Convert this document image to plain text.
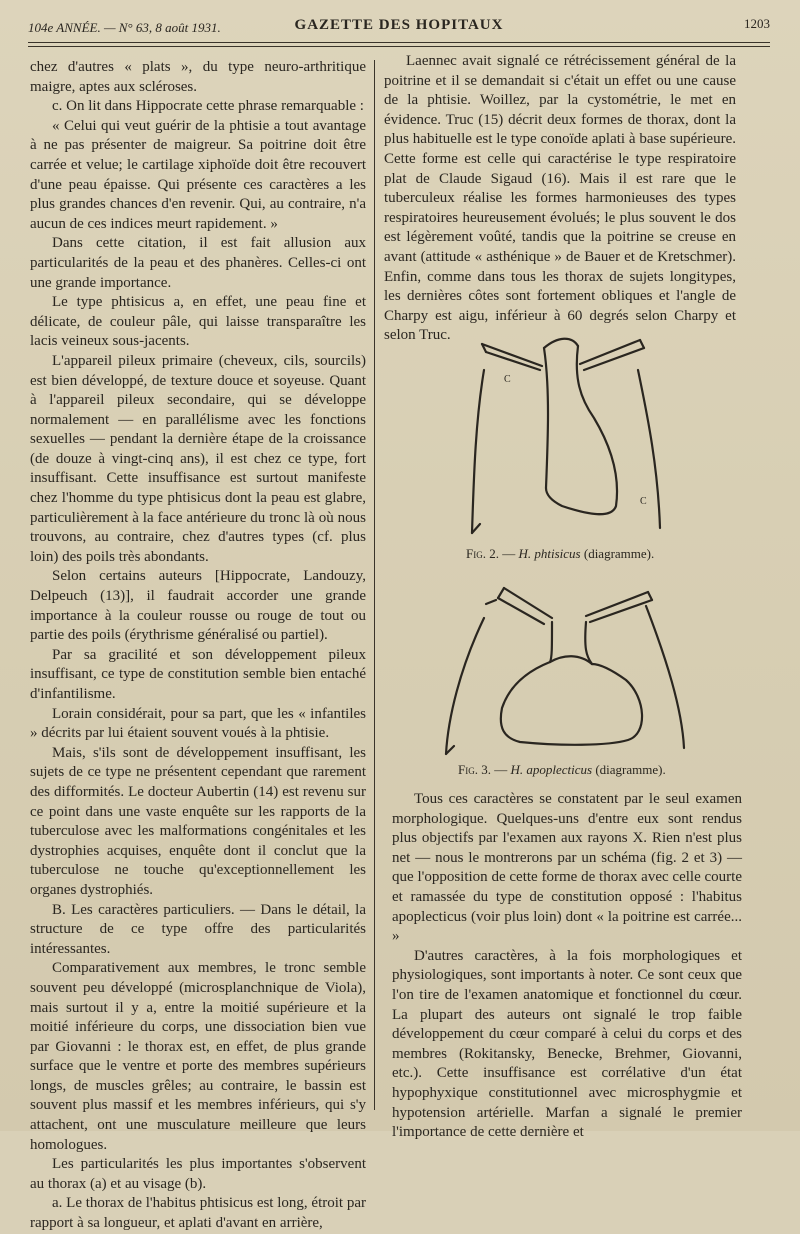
104e ANNÉE. — N° 63, 8 août 1931.	GAZETTE DES HOPITAUX	1203

chez d'autres « plats », du type neuro-arthritique maigre, aptes aux scléroses.

c. On lit dans Hippocrate cette phrase remarquable :

« Celui qui veut guérir de la phtisie a tout avantage à ne pas présenter de maigreur. Sa poitrine doit être carrée et velue; le cartilage xiphoïde doit être recouvert d'une peau épaisse. Qui présente ces caractères a les plus grandes chances d'en revenir. Qui, au contraire, n'a aucun de ces indices meurt rapidement. »

Dans cette citation, il est fait allusion aux particularités de la peau et des phanères. Celles-ci ont une grande importance.

Le type phtisicus a, en effet, une peau fine et délicate, de couleur pâle, qui laisse transparaître les lacis veineux sous-jacents.

L'appareil pileux primaire (cheveux, cils, sourcils) est bien développé, de texture douce et soyeuse. Quant à l'appareil pileux secondaire, qui se développe normalement — en parallélisme avec les fonctions sexuelles — pendant la dernière étape de la croissance (de douze à vingt-cinq ans), il est chez ce type, fort insuffisant. Cette insuffisance est surtout manifeste chez l'homme du type phtisicus dont la peau est glabre, particulièrement à la face antérieure du tronc là où nous trouvons, au contraire, chez d'autres types (cf. plus loin) des poils très abondants.

Selon certains auteurs [Hippocrate, Landouzy, Delpeuch (13)], il faudrait accorder une grande importance à la couleur rousse ou rouge de tout ou partie des poils (érythrisme généralisé ou partiel).

Par sa gracilité et son développement pileux insuffisant, ce type de constitution semble bien entaché d'infantilisme.

Lorain considérait, pour sa part, que les « infantiles » décrits par lui étaient souvent voués à la phtisie.

Mais, s'ils sont de développement insuffisant, les sujets de ce type ne présentent cependant que rarement des difformités. Le docteur Aubertin (14) est revenu sur ce point dans une vaste enquête sur les rapports de la tuberculose avec les malformations congénitales et les dystrophies acquises, enquête dont il conclut que la tuberculose ne touche qu'exceptionnellement les organes dystrophiés.

B. Les caractères particuliers. — Dans le détail, la structure de ce type offre des particularités intéressantes.

Comparativement aux membres, le tronc semble souvent peu développé (microsplanchnique de Viola), mais surtout il y a, entre la moitié supérieure et la moitié inférieure du corps, une dissociation bien vue par Giovanni : le thorax est, en effet, de plus grande surface que le ventre et porte des membres supérieurs longs, de muscles grêles; au contraire, le bassin est souvent plus massif et les membres inférieurs, qui s'y attachent, ont une musculature meilleure que leurs homologues.

Les particularités les plus importantes s'observent au thorax (a) et au visage (b).

a. Le thorax de l'habitus phtisicus est long, étroit par rapport à sa longueur, et aplati d'avant en arrière,

Laennec avait signalé ce rétrécissement général de la poitrine et il se demandait si c'était un effet ou une cause de la phtisie. Woillez, par la cystométrie, le met en évidence. Truc (15) décrit deux formes de thorax, dont la plus habituelle est le type conoïde aplati à base supérieure. Cette forme est celle qui caractérise le type respiratoire plat de Claude Sigaud (16). Mais il est rare que le tuberculeux réalise les formes harmonieuses des types respiratoires heureusement évolués; le plus souvent le dos est légèrement voûté, tandis que la poitrine se creuse en avant (attitude « asthénique » de Bauer et de Kretschmer). Enfin, comme dans tous les thorax de sujets longitypes, les dernières côtes sont fortement obliques et l'angle de Charpy est aigu, inférieur à 60 degrés selon Charpy et selon Truc.

C
C
Fig. 2. — H. phtisicus (diagramme).
Fig. 3. — H. apoplecticus (diagramme).

Tous ces caractères se constatent par le seul examen morphologique. Quelques-uns d'entre eux sont rendus plus objectifs par l'examen aux rayons X. Rien n'est plus net — nous le montrerons par un schéma (fig. 2 et 3) — que l'opposition de cette forme de thorax avec celle courte et ramassée du type de constitution opposé : l'habitus apoplecticus (voir plus loin) dont « la poitrine est carrée... »

D'autres caractères, à la fois morphologiques et physiologiques, sont importants à noter. Ce sont ceux que l'on tire de l'examen anatomique et fonctionnel du cœur. La plupart des auteurs ont signalé le trop faible développement du cœur comparé à celui du corps et des membres (Rokitansky, Benecke, Brehmer, Giovanni, etc.). Cette insuffisance est corrélative d'un état hypophyxique constitutionnel avec microsphygmie et hypotension artérielle. Marfan a signalé le premier l'importance de cette dernière et
